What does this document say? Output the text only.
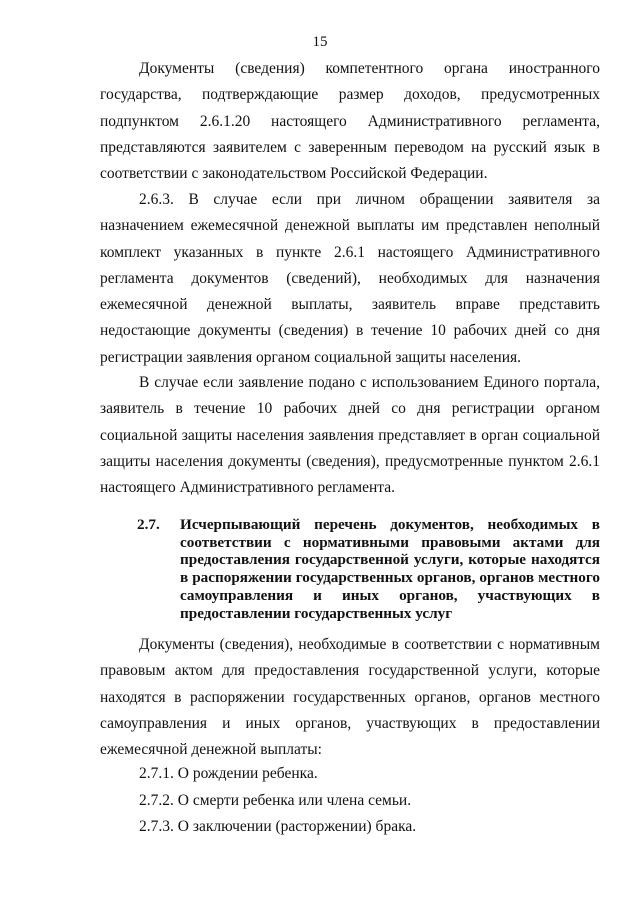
15

Документы (сведения) компетентного органа иностранного государства, подтверждающие размер доходов, предусмотренных подпунктом 2.6.1.20 настоящего Административного регламента, представляются заявителем с заверенным переводом на русский язык в соответствии с законодательством Российской Федерации.

2.6.3. В случае если при личном обращении заявителя за назначением ежемесячной денежной выплаты им представлен неполный комплект указанных в пункте 2.6.1 настоящего Административного регламента документов (сведений), необходимых для назначения ежемесячной денежной выплаты, заявитель вправе представить недостающие документы (сведения) в течение 10 рабочих дней со дня регистрации заявления органом социальной защиты населения.

В случае если заявление подано с использованием Единого портала, заявитель в течение 10 рабочих дней со дня регистрации органом социальной защиты населения заявления представляет в орган социальной защиты населения документы (сведения), предусмотренные пунктом 2.6.1 настоящего Административного регламента.

2.7. Исчерпывающий перечень документов, необходимых в соответствии с нормативными правовыми актами для предоставления государственной услуги, которые находятся в распоряжении государственных органов, органов местного самоуправления и иных органов, участвующих в предоставлении государственных услуг

Документы (сведения), необходимые в соответствии с нормативным правовым актом для предоставления государственной услуги, которые находятся в распоряжении государственных органов, органов местного самоуправления и иных органов, участвующих в предоставлении ежемесячной денежной выплаты:

2.7.1. О рождении ребенка.
2.7.2. О смерти ребенка или члена семьи.
2.7.3. О заключении (расторжении) брака.
